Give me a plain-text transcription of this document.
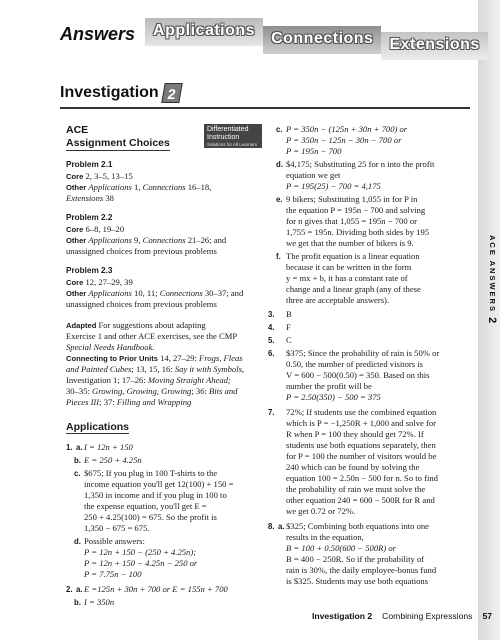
ACE ANSWERS 2
Answers	Applications	Connections	Extensions
Investigation 2
ACE
Assignment Choices
Differentiated
Instruction
Solutions for All Learners
Problem 2.1
Core 2, 3–5, 13–15
Other Applications 1, Connections 16–18,
Extensions 38
Problem 2.2
Core 6–8, 19–20
Other Applications 9, Connections 21–26; and
unassigned choices from previous problems
Problem 2.3
Core 12, 27–29, 39
Other Applications 10, 11; Connections 30–37; and
unassigned choices from previous problems
Adapted For suggestions about adapting
Exercise 1 and other ACE exercises, see the CMP
Special Needs Handbook.
Connecting to Prior Units 14, 27–29: Frogs, Fleas
and Painted Cubes; 13, 15, 16: Say it with Symbols,
Investigation 1; 17–26: Moving Straight Ahead;
30–35: Growing, Growing, Growing; 36: Bits and
Pieces III; 37: Filling and Wrapping
Applications
1. a. I = 12n + 150
b. E = 250 + 4.25n
c. $675; If you plug in 100 T-shirts to the
income equation you'll get 12(100) + 150 =
1,350 in income and if you plug in 100 to
the expense equation, you'll get E =
250 + 4.25(100) = 675. So the profit is
1,350 − 675 = 675.
d. Possible answers:
P = 12n + 150 − (250 + 4.25n);
P = 12n + 150 − 4.25n − 250 or
P = 7.75n − 100
2. a. E =125n + 30n + 700 or E = 155n + 700
b. I = 350n
c. P = 350n − (125n + 30n + 700) or
P = 350n − 125n − 30n − 700 or
P = 195n − 700
d. $4,175; Substituting 25 for n into the profit
equation we get
P = 195(25) − 700 = 4,175
e. 9 bikers; Substituting 1,055 in for P in
the equation P = 195n − 700 and solving
for n gives that 1,055 = 195n − 700 or
1,755 = 195n. Dividing both sides by 195
we get that the number of bikers is 9.
f. The profit equation is a linear equation
because it can be written in the form
y = mx + b, it has a constant rate of
change and a linear graph (any of these
three are acceptable answers).
3. B
4. F
5. C
6. $375; Since the probability of rain is 50% or
0.50, the number of predicted visitors is
V = 600 − 500(0.50) = 350. Based on this
number the profit will be
P = 2.50(350) − 500 = 375
7. 72%; If students use the combined equation
which is P = −1,250R + 1,000 and solve for
R when P = 100 they should get 72%. If
students use both equations separately, then
for P = 100 the number of visitors would be
240 which can be found by solving the
equation 100 = 2.50n − 500 for n. So to find
the probability of rain we must solve the
other equation 240 = 600 − 500R for R and
we get 0.72 or 72%.
8. a. $325; Combining both equations into one
results in the equation,
B = 100 + 0.50(600 − 500R) or
B = 400 − 250R. So if the probability of
rain is 30%, the daily employee-bonus fund
is $325. Students may use both equations
Investigation 2 Combining Expressions 57
